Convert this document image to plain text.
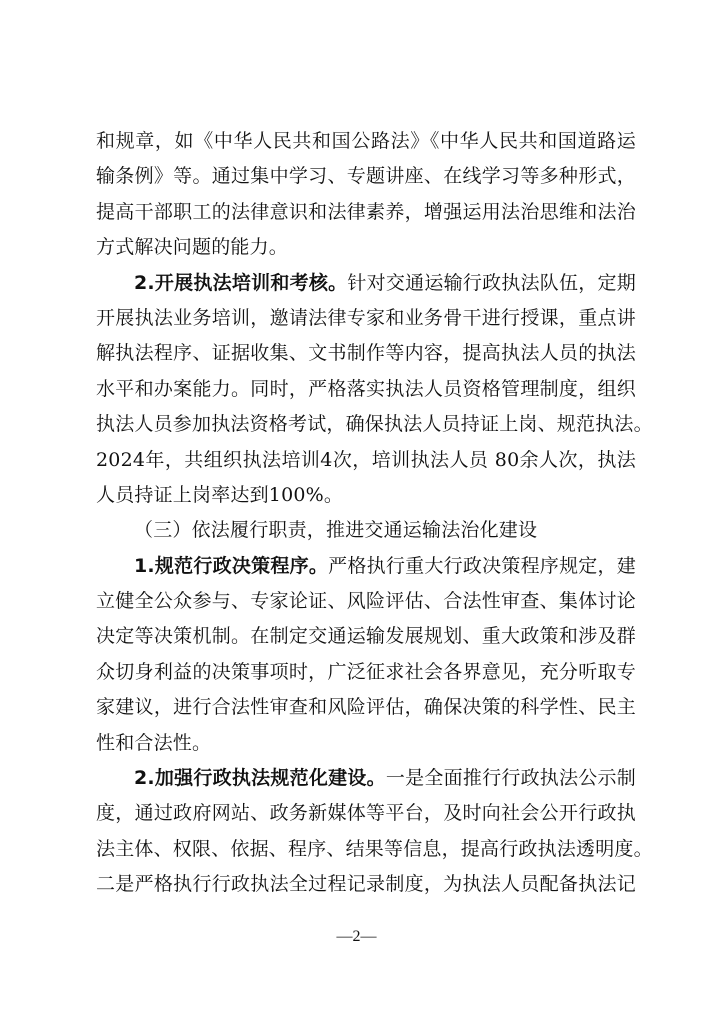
和规章，如《中华人民共和国公路法》《中华人民共和国道路运
输条例》等。通过集中学习、专题讲座、在线学习等多种形式，
提高干部职工的法律意识和法律素养，增强运用法治思维和法治
方式解决问题的能力。
2.开展执法培训和考核。针对交通运输行政执法队伍，定期
开展执法业务培训，邀请法律专家和业务骨干进行授课，重点讲
解执法程序、证据收集、文书制作等内容，提高执法人员的执法
水平和办案能力。同时，严格落实执法人员资格管理制度，组织
执法人员参加执法资格考试，确保执法人员持证上岗、规范执法。
2024年，共组织执法培训4次，培训执法人员 80余人次，执法
人员持证上岗率达到100%。
（三）依法履行职责，推进交通运输法治化建设
1.规范行政决策程序。严格执行重大行政决策程序规定，建
立健全公众参与、专家论证、风险评估、合法性审查、集体讨论
决定等决策机制。在制定交通运输发展规划、重大政策和涉及群
众切身利益的决策事项时，广泛征求社会各界意见，充分听取专
家建议，进行合法性审查和风险评估，确保决策的科学性、民主
性和合法性。
2.加强行政执法规范化建设。一是全面推行行政执法公示制
度，通过政府网站、政务新媒体等平台，及时向社会公开行政执
法主体、权限、依据、程序、结果等信息，提高行政执法透明度。
二是严格执行行政执法全过程记录制度，为执法人员配备执法记
—2—
